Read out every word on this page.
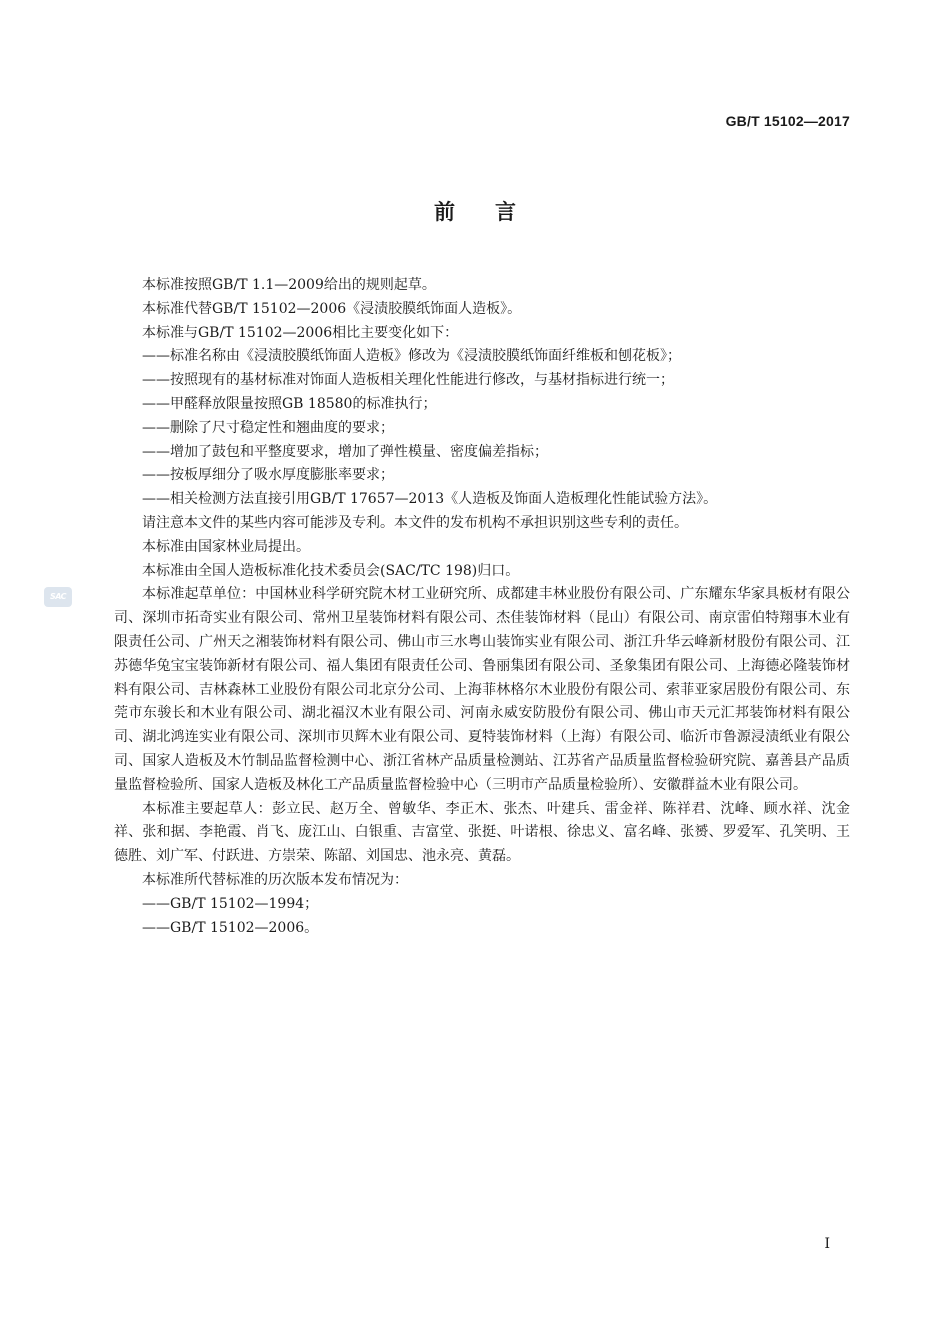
GB/T 15102—2017
前言
SAC

本标准按照GB/T 1.1—2009给出的规则起草。

本标准代替GB/T 15102—2006《浸渍胶膜纸饰面人造板》。

本标准与GB/T 15102—2006相比主要变化如下：

——标准名称由《浸渍胶膜纸饰面人造板》修改为《浸渍胶膜纸饰面纤维板和刨花板》；

——按照现有的基材标准对饰面人造板相关理化性能进行修改，与基材指标进行统一；

——甲醛释放限量按照GB 18580的标准执行；

——删除了尺寸稳定性和翘曲度的要求；

——增加了鼓包和平整度要求，增加了弹性模量、密度偏差指标；

——按板厚细分了吸水厚度膨胀率要求；

——相关检测方法直接引用GB/T 17657—2013《人造板及饰面人造板理化性能试验方法》。

请注意本文件的某些内容可能涉及专利。本文件的发布机构不承担识别这些专利的责任。

本标准由国家林业局提出。

本标准由全国人造板标准化技术委员会(SAC/TC 198)归口。

本标准起草单位：中国林业科学研究院木材工业研究所、成都建丰林业股份有限公司、广东耀东华家具板材有限公司、深圳市拓奇实业有限公司、常州卫星装饰材料有限公司、杰佳装饰材料（昆山）有限公司、南京雷伯特翔事木业有限责任公司、广州天之湘装饰材料有限公司、佛山市三水粤山装饰实业有限公司、浙江升华云峰新材股份有限公司、江苏德华兔宝宝装饰新材有限公司、福人集团有限责任公司、鲁丽集团有限公司、圣象集团有限公司、上海德必隆装饰材料有限公司、吉林森林工业股份有限公司北京分公司、上海菲林格尔木业股份有限公司、索菲亚家居股份有限公司、东莞市东骏长和木业有限公司、湖北福汉木业有限公司、河南永威安防股份有限公司、佛山市天元汇邦装饰材料有限公司、湖北鸿连实业有限公司、深圳市贝辉木业有限公司、夏特装饰材料（上海）有限公司、临沂市鲁源浸渍纸业有限公司、国家人造板及木竹制品监督检测中心、浙江省林产品质量检测站、江苏省产品质量监督检验研究院、嘉善县产品质量监督检验所、国家人造板及林化工产品质量监督检验中心（三明市产品质量检验所）、安徽群益木业有限公司。

本标准主要起草人：彭立民、赵万全、曾敏华、李正木、张杰、叶建兵、雷金祥、陈祥君、沈峰、顾水祥、沈金祥、张和据、李艳霞、肖飞、庞江山、白银重、吉富堂、张挺、叶诺根、徐忠义、富名峰、张赟、罗爱军、孔笑明、王德胜、刘广军、付跃进、方崇荣、陈韶、刘国忠、池永亮、黄磊。

本标准所代替标准的历次版本发布情况为：

——GB/T 15102—1994；

——GB/T 15102—2006。

I
